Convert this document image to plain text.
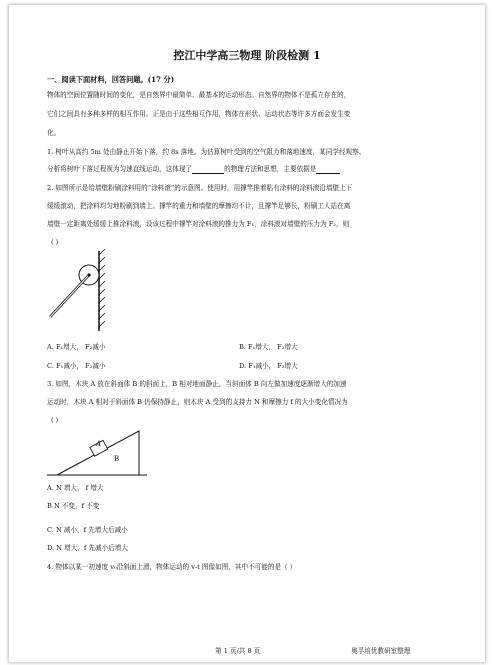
控江中学高三物理 阶段检测 1
一、阅读下面材料，回答问题。(17 分)
物体的空间位置随时间的变化，是自然界中最简单、最基本的运动形态。自然界的物体不是孤立存在的，
它们之间具有多种多样的相互作用。正是由于这些相互作用，物体在形状、运动状态等许多方面会发生变
化。
1. 树叶从高约 5m 处由静止开始下落，约 8s 落地。为估算树叶受到的空气阻力和落地速度，某同学经观察、
分析将树叶下落过程视为匀速直线运动，这体现了	的物理方法和思想，主要依据是
2. 如图所示是给墙壁粉刷涂料用的“涂料滚”的示意图。使用时，用撑竿推着粘有涂料的涂料滚沿墙壁上下
缓缓滚动，把涂料均匀地粉刷到墙上。撑竿的重力和墙壁的摩擦均不计，且撑竿足够长，粉刷工人站在离
墙壁一定距离处缓缓上推涂料滚，设该过程中撑竿对涂料滚的推力为 F₁，涂料滚对墙壁的压力为 F₂，则
( )
A. F₁增大， F₂减小	B. F₁增大， F₂增大
C. F₁减小， F₂减小	D. F₁减小， F₂增大
3. 如图，木块 A 放在斜面体 B 的斜面上，B 相对地面静止，当斜面体 B 向左做加速度逐渐增大的加速
运动时，木块 A 相对于斜面体 B 仍保持静止，则木块 A 受到的支持力 N 和摩擦力 f 的大小变化情况为
( )
A
B
A. N 增大， f 增大
B N 不变，f 不变
C. N 减小，f 先增大后减小
D. N 增大，f 先减小后增大
4. 物体以某一初速度 v₀沿斜面上滑，物体运动的 v-t 图像如图，其中不可能的是（ ）
第 1 页/共 8 页	奥孚培优教研室整理
